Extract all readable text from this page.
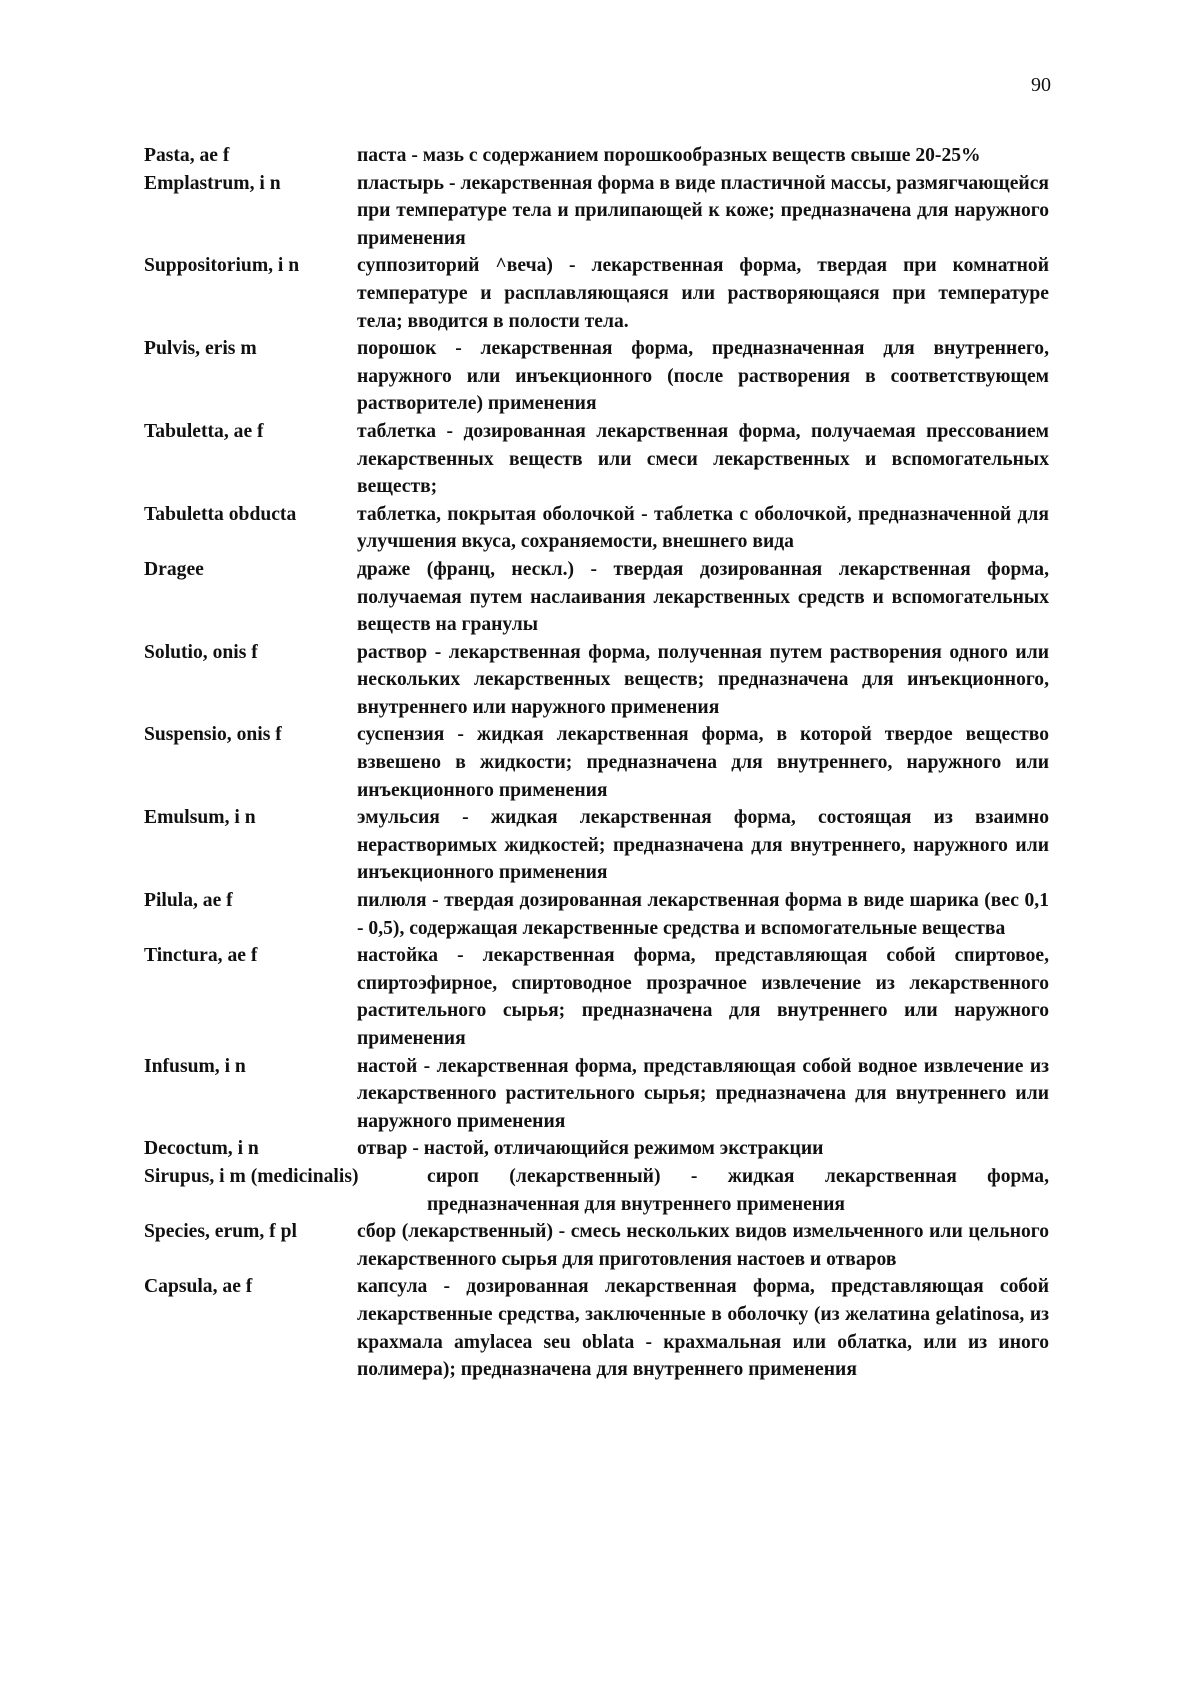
90
Pasta, ae f	паста - мазь с содержанием порошкообразных веществ свыше 20-25%
Emplastrum, i n	пластырь - лекарственная форма в виде пластичной массы, размягчающейся при температуре тела и прилипающей к коже; предназначена для наружного применения
Suppositorium, i n	суппозиторий ^веча) - лекарственная форма, твердая при комнатной температуре и расплавляющаяся или растворяющаяся при температуре тела; вводится в полости тела.
Pulvis, eris m	порошок - лекарственная форма, предназначенная для внутреннего, наружного или инъекционного (после растворения в соответствующем растворителе) применения
Tabuletta, ae f	таблетка - дозированная лекарственная форма, получаемая прессованием лекарственных веществ или смеси лекарственных и вспомогательных веществ;
Tabuletta obducta	таблетка, покрытая оболочкой - таблетка с оболочкой, предназначенной для улучшения вкуса, сохраняемости, внешнего вида
Dragee	драже (франц, нескл.) - твердая дозированная лекарственная форма, получаемая путем наслаивания лекарственных средств и вспомогательных веществ на гранулы
Solutio, onis f	раствор - лекарственная форма, полученная путем растворения одного или нескольких лекарственных веществ; предназначена для инъекционного, внутреннего или наружного применения
Suspensio, onis f	суспензия - жидкая лекарственная форма, в которой твердое вещество взвешено в жидкости; предназначена для внутреннего, наружного или инъекционного применения
Emulsum, i n	эмульсия - жидкая лекарственная форма, состоящая из взаимно нерастворимых жидкостей; предназначена для внутреннего, наружного или инъекционного применения
Pilula, ae f	пилюля - твердая дозированная лекарственная форма в виде шарика (вес 0,1 - 0,5), содержащая лекарственные средства и вспомогательные вещества
Tinctura, ae f	настойка - лекарственная форма, представляющая собой спиртовое, спиртоэфирное, спиртоводное прозрачное извлечение из лекарственного растительного сырья; предназначена для внутреннего или наружного применения
Infusum, i n	настой - лекарственная форма, представляющая собой водное извлечение из лекарственного растительного сырья; предназначена для внутреннего или наружного применения
Decoctum, i n	отвар - настой, отличающийся режимом экстракции
Sirupus, i m (medicinalis)	сироп (лекарственный) - жидкая лекарственная форма, предназначенная для внутреннего применения
Species, erum, f pl	сбор (лекарственный) - смесь нескольких видов измельченного или цельного лекарственного сырья для приготовления настоев и отваров
Capsula, ae f	капсула - дозированная лекарственная форма, представляющая собой лекарственные средства, заключенные в оболочку (из желатина gelatinosa, из крахмала amylacea seu oblata - крахмальная или облатка, или из иного полимера); предназначена для внутреннего применения
